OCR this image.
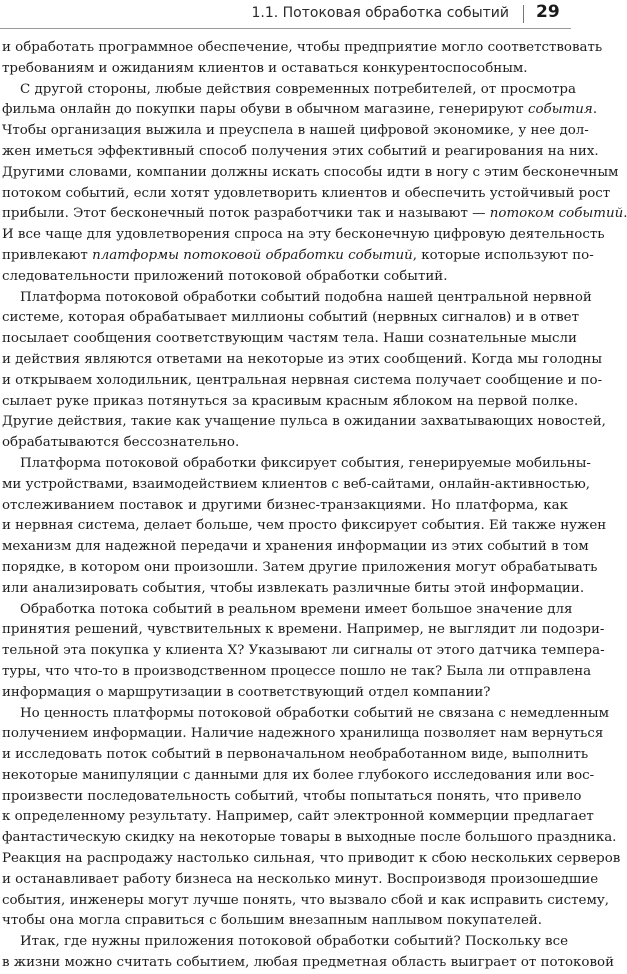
1.1. Потоковая обработка событий 29
и обработать программное обеспечение, чтобы предприятие могло соответствовать
требованиям и ожиданиям клиентов и оставаться конкурентоспособным.
С другой стороны, любые действия современных потребителей, от просмотра
фильма онлайн до покупки пары обуви в обычном магазине, генерируют события.
Чтобы организация выжила и преуспела в нашей цифровой экономике, у нее дол-
жен иметься эффективный способ получения этих событий и реагирования на них.
Другими словами, компании должны искать способы идти в ногу с этим бесконечным
потоком событий, если хотят удовлетворить клиентов и обеспечить устойчивый рост
прибыли. Этот бесконечный поток разработчики так и называют — потоком событий
И все чаще для удовлетворения спроса на эту бесконечную цифровую деятельность
привлекают платформы потоковой обработки событий, которые используют по-
следовательности приложений потоковой обработки событий.
Платформа потоковой обработки событий подобна нашей центральной нервной
системе, которая обрабатывает миллионы событий (нервных сигналов) и в ответ
посылает сообщения соответствующим частям тела. Наши сознательные мысли
и действия являются ответами на некоторые из этих сообщений. Когда мы голодны
и открываем холодильник, центральная нервная система получает сообщение и по-
сылает руке приказ потянуться за красивым красным яблоком на первой полке.
Другие действия, такие как учащение пульса в ожидании захватывающих новостей,
обрабатываются бессознательно.
Платформа потоковой обработки фиксирует события, генерируемые мобильны-
ми устройствами, взаимодействием клиентов с веб-сайтами, онлайн-активностью,
отслеживанием поставок и другими бизнес-транзакциями. Но платформа, как
и нервная система, делает больше, чем просто фиксирует события. Ей также нужен
механизм для надежной передачи и хранения информации из этих событий в том
порядке, в котором они произошли. Затем другие приложения могут обрабатывать
или анализировать события, чтобы извлекать различные биты этой информации.
Обработка потока событий в реальном времени имеет большое значение для
принятия решений, чувствительных к времени. Например, не выглядит ли подозри-
тельной эта покупка у клиента Х? Указывают ли сигналы от этого датчика темпера-
туры, что что-то в производственном процессе пошло не так? Была ли отправлена
информация о маршрутизации в соответствующий отдел компании?
Но ценность платформы потоковой обработки событий не связана с немедленным
получением информации. Наличие надежного хранилища позволяет нам вернуться
и исследовать поток событий в первоначальном необработанном виде, выполнить
некоторые манипуляции с данными для их более глубокого исследования или вос-
произвести последовательность событий, чтобы попытаться понять, что привело
к определенному результату. Например, сайт электронной коммерции предлагает
фантастическую скидку на некоторые товары в выходные после большого праздника.
Реакция на распродажу настолько сильная, что приводит к сбою нескольких серверов
и останавливает работу бизнеса на несколько минут. Воспроизводя произошедшие
события, инженеры могут лучше понять, что вызвало сбой и как исправить систему,
чтобы она могла справиться с большим внезапным наплывом покупателей.
Итак, где нужны приложения потоковой обработки событий? Поскольку все
в жизни можно считать событием, любая предметная область выиграет от потоковой
